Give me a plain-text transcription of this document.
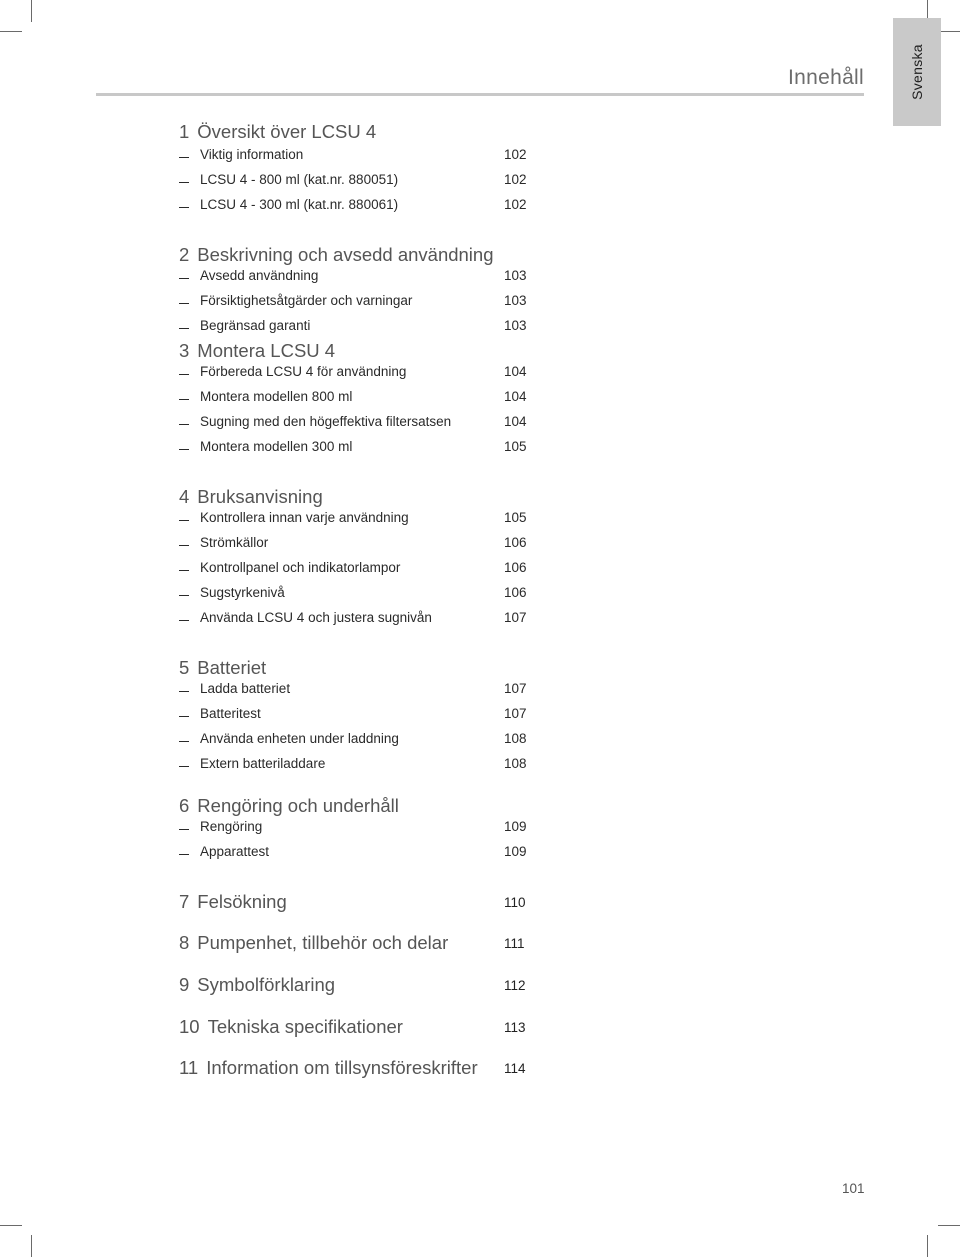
Svenska
Innehåll
1 Översikt över LCSU 4
Viktig information	102
LCSU 4 - 800 ml (kat.nr. 880051)	102
LCSU 4 - 300 ml (kat.nr. 880061)	102
2 Beskrivning och avsedd användning
Avsedd användning	103
Försiktighetsåtgärder och varningar	103
Begränsad garanti	103
3 Montera LCSU 4
Förbereda LCSU 4 för användning	104
Montera modellen 800 ml	104
Sugning med den högeffektiva filtersatsen	104
Montera modellen 300 ml	105
4 Bruksanvisning
Kontrollera innan varje användning	105
Strömkällor	106
Kontrollpanel och indikatorlampor	106
Sugstyrkenivå	106
Använda LCSU 4 och justera sugnivån	107
5 Batteriet
Ladda batteriet	107
Batteritest	107
Använda enheten under laddning	108
Extern batteriladdare	108
6 Rengöring och underhåll
Rengöring	109
Apparattest	109
7 Felsökning	110
8 Pumpenhet, tillbehör och delar	111
9 Symbolförklaring	112
10 Tekniska specifikationer	113
11 Information om tillsynsföreskrifter 114
101
